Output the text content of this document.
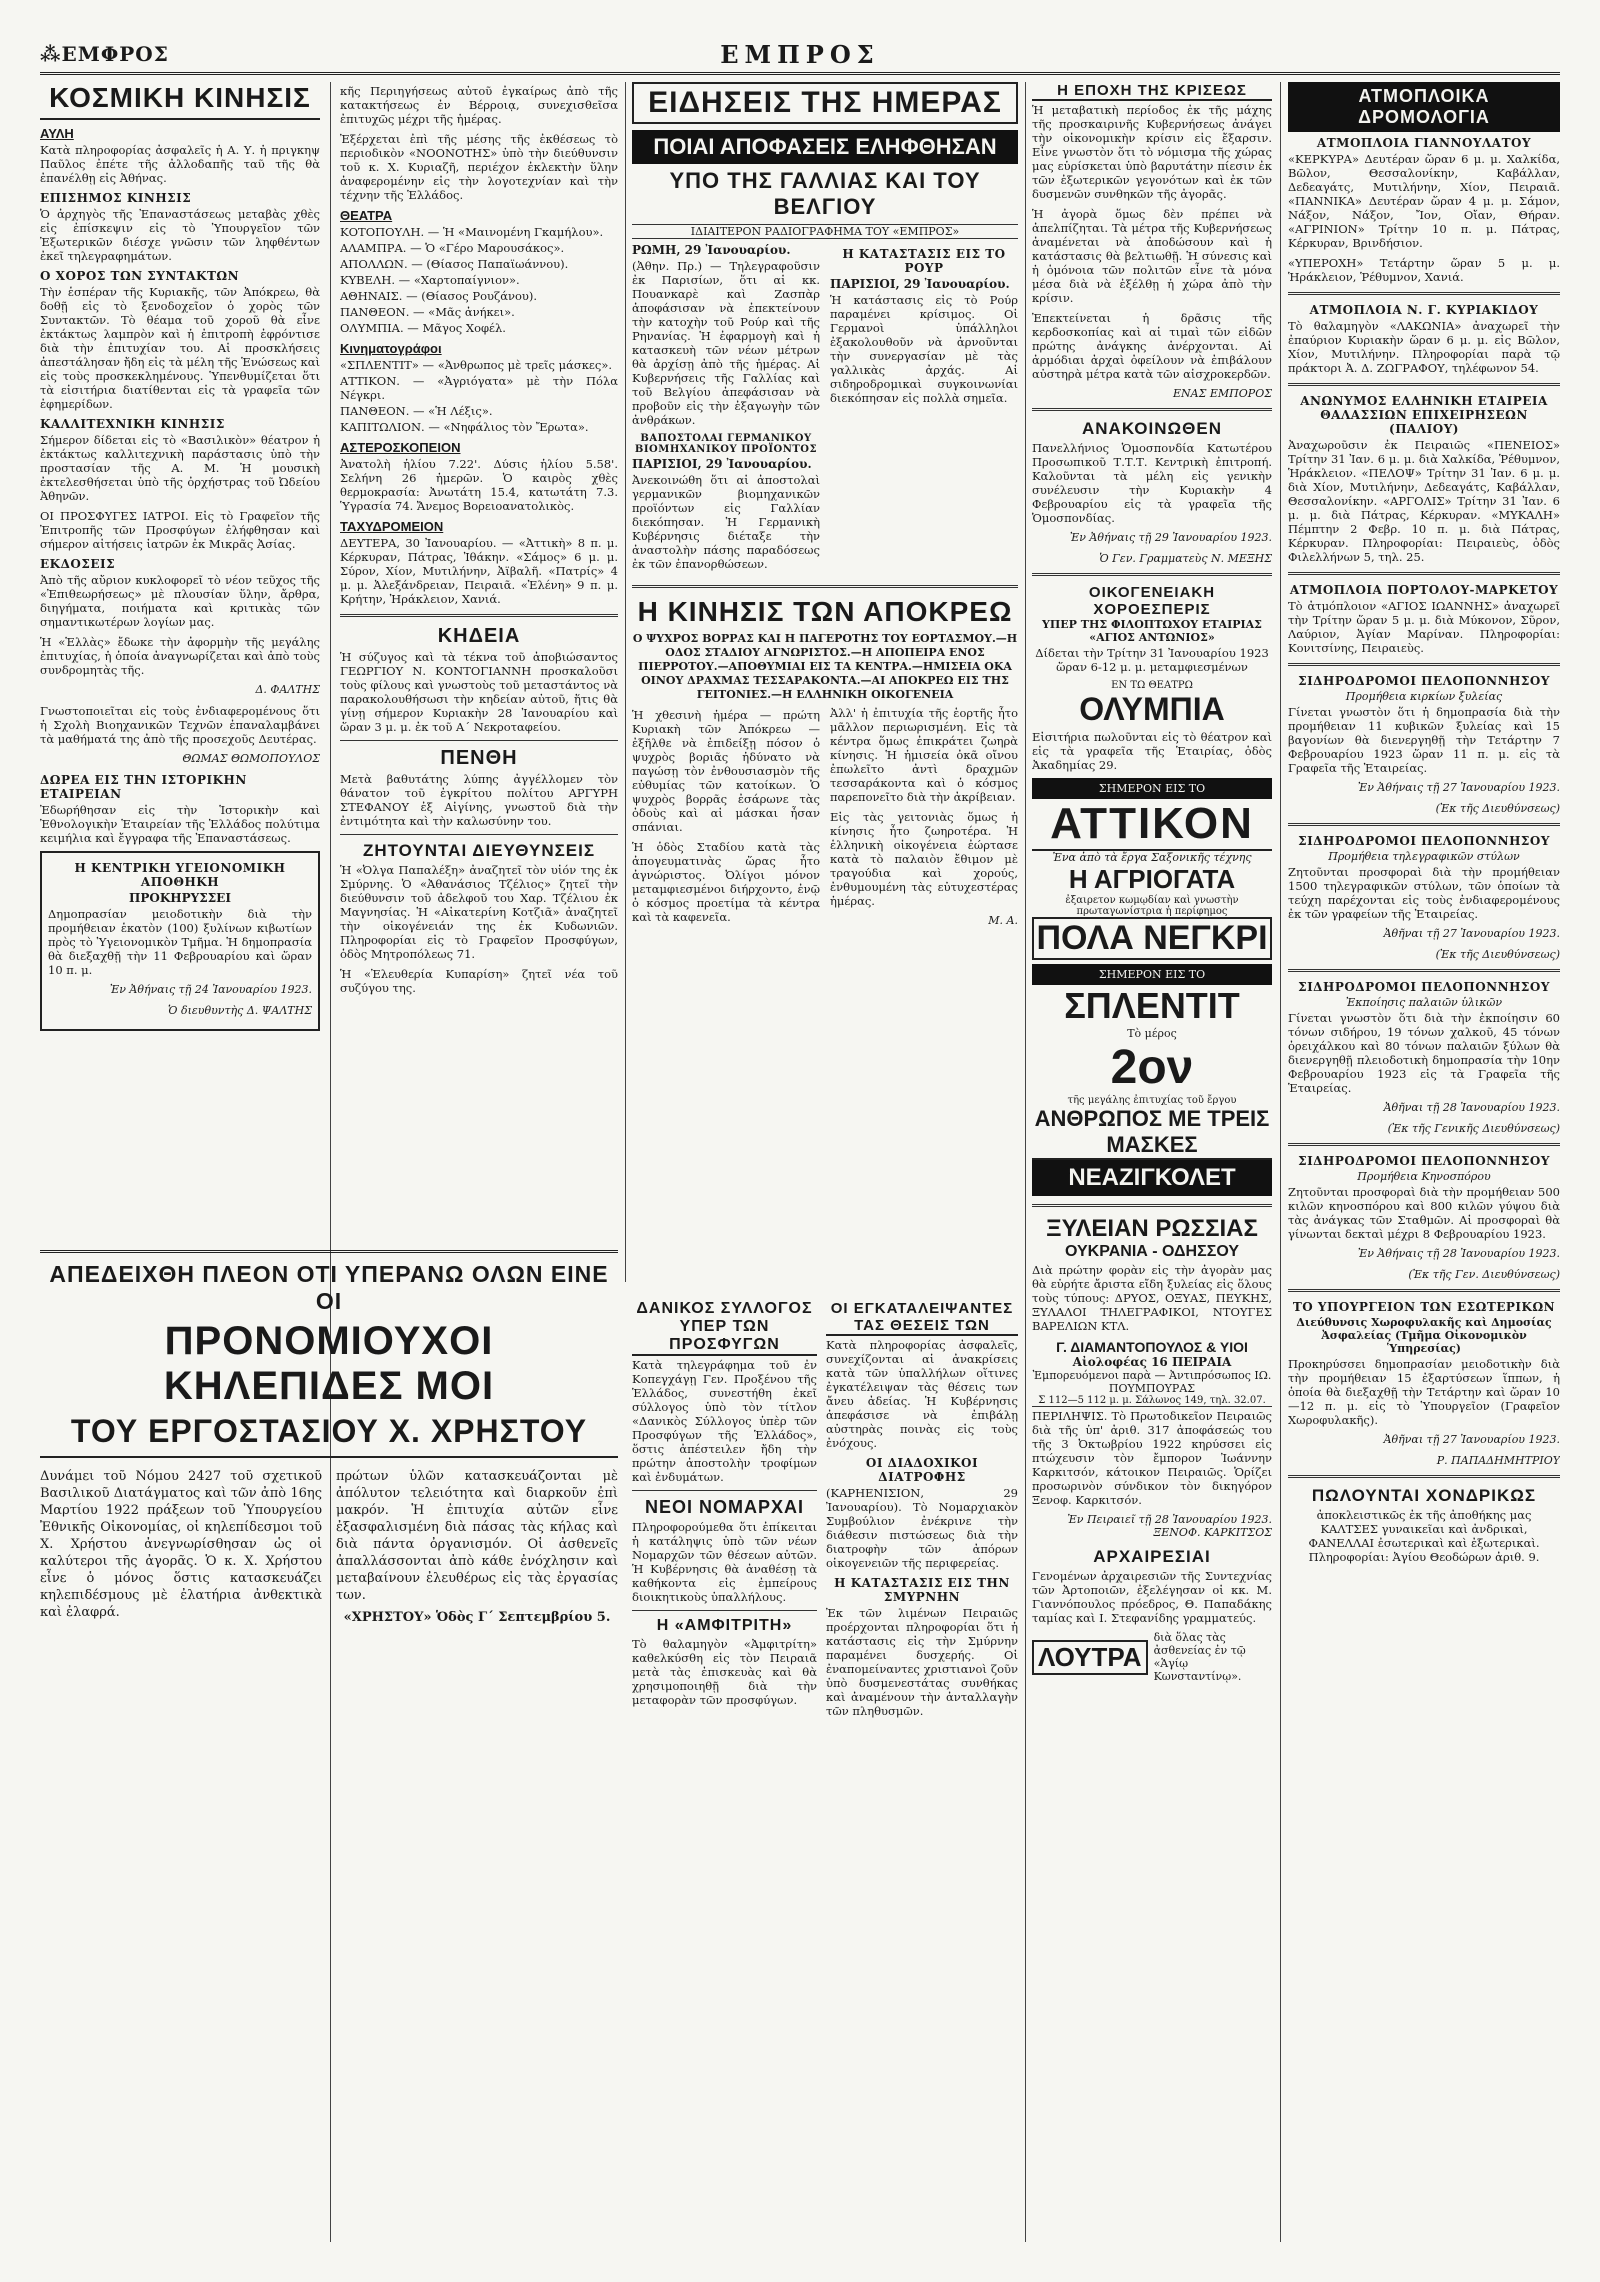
⁂ΕΜΦΡΟΣ	ΕΜΠΡΟΣ
ΚΟΣΜΙΚΗ ΚΙΝΗΣΙΣ
ΑΥΛΗ

Κατὰ πληροφορίας ἀσφαλεῖς ἡ Α. Υ. ἡ πριγκηψ Παῦλος ἐπέτε τῆς ἀλλοδαπῆς ταῦ τῆς θὰ ἐπανέλθῃ εἰς Ἀθήνας.

ΕΠΙΣΗΜΟΣ ΚΙΝΗΣΙΣ

Ὁ ἀρχηγὸς τῆς Ἐπαναστάσεως μεταβὰς χθὲς εἰς ἐπίσκεψιν εἰς τὸ Ὑπουργεῖον τῶν Ἐξωτερικῶν διέσχε γνῶσιν τῶν ληφθέντων ἐκεῖ τηλεγραφημάτων.

Ο ΧΟΡΟΣ ΤΩΝ ΣΥΝΤΑΚΤΩΝ

Τὴν ἑσπέραν τῆς Κυριακῆς, τῶν Ἀπόκρεω, θὰ δοθῇ εἰς τὸ ξενοδοχεῖον ὁ χορὸς τῶν Συντακτῶν. Τὸ θέαμα τοῦ χοροῦ θὰ εἶνε ἐκτάκτως λαμπρὸν καὶ ἡ ἐπιτροπὴ ἐφρόντισε διὰ τὴν ἐπιτυχίαν του. Αἱ προσκλήσεις ἀπεστάλησαν ἤδη εἰς τὰ μέλη τῆς Ἑνώσεως καὶ εἰς τοὺς προσκεκλημένους. Ὑπενθυμίζεται ὅτι τὰ εἰσιτήρια διατίθενται εἰς τὰ γραφεῖα τῶν ἐφημερίδων.

ΚΑΛΛΙΤΕΧΝΙΚΗ ΚΙΝΗΣΙΣ

Σήμερον δίδεται εἰς τὸ «Βασιλικὸν» θέατρον ἡ ἐκτάκτως καλλιτεχνικὴ παράστασις ὑπὸ τὴν προστασίαν τῆς Α. Μ. Ἡ μουσικὴ ἐκτελεσθήσεται ὑπὸ τῆς ὀρχήστρας τοῦ Ὠδείου Ἀθηνῶν.

ΟΙ ΠΡΟΣΦΥΓΕΣ ΙΑΤΡΟΙ. Εἰς τὸ Γραφεῖον τῆς Ἐπιτροπῆς τῶν Προσφύγων ἐλήφθησαν καὶ σήμερον αἰτήσεις ἰατρῶν ἐκ Μικρᾶς Ἀσίας.

ΕΚΔΟΣΕΙΣ

Ἀπὸ τῆς αὔριον κυκλοφορεῖ τὸ νέον τεῦχος τῆς «Ἐπιθεωρήσεως» μὲ πλουσίαν ὕλην, ἄρθρα, διηγήματα, ποιήματα καὶ κριτικὰς τῶν σημαντικωτέρων λογίων μας.

Ἡ «Ἑλλὰς» ἔδωκε τὴν ἀφορμὴν τῆς μεγάλης ἐπιτυχίας, ἡ ὁποία ἀναγνωρίζεται καὶ ἀπὸ τοὺς συνδρομητὰς τῆς.

Δ. ΦΑΛΤΗΣ

Γνωστοποιεῖται εἰς τοὺς ἐνδιαφερομένους ὅτι ἡ Σχολὴ Βιοηχανικῶν Τεχνῶν ἐπαναλαμβάνει τὰ μαθήματά της ἀπὸ τῆς προσεχοῦς Δευτέρας.

ΘΩΜΑΣ ΘΩΜΟΠΟΥΛΟΣ
ΔΩΡΕΑ ΕΙΣ ΤΗΝ ΙΣΤΟΡΙΚΗΝ ΕΤΑΙΡΕΙΑΝ

Ἐδωρήθησαν εἰς τὴν Ἱστορικὴν καὶ Ἐθνολογικὴν Ἑταιρείαν τῆς Ἑλλάδος πολύτιμα κειμήλια καὶ ἔγγραφα τῆς Ἐπαναστάσεως.

Η ΚΕΝΤΡΙΚΗ ΥΓΕΙΟΝΟΜΙΚΗ ΑΠΟΘΗΚΗ
ΠΡΟΚΗΡΥΣΣΕΙ

Δημοπρασίαν μειοδοτικὴν διὰ τὴν προμήθειαν ἑκατὸν (100) ξυλίνων κιβωτίων πρὸς τὸ Ὑγειονομικὸν Τμῆμα. Ἡ δημοπρασία θὰ διεξαχθῇ τὴν 11 Φεβρουαρίου καὶ ὥραν 10 π. μ.

Ἐν Ἀθήναις τῇ 24 Ἰανουαρίου 1923.
Ὁ διευθυντὴς Δ. ΨΑΛΤΗΣ

κῆς Περιηγήσεως αὐτοῦ ἐγκαίρως ἀπὸ τῆς κατακτήσεως ἐν Βέρροιᾳ, συνεχισθεῖσα ἐπιτυχῶς μέχρι τῆς ἡμέρας.

Ἐξέρχεται ἐπὶ τῆς μέσης τῆς ἐκθέσεως τὸ περιοδικὸν «ΝΟΟΝΟΤΗΣ» ὑπὸ τὴν διεύθυνσιν τοῦ κ. Χ. Κυριαζῆ, περιέχον ἐκλεκτὴν ὕλην ἀναφερομένην εἰς τὴν λογοτεχνίαν καὶ τὴν τέχνην τῆς Ἑλλάδος.

ΘΕΑΤΡΑ

ΚΟΤΟΠΟΥΛΗ. — Ἡ «Μαινομένη Γκαμήλου».

ΑΛΑΜΠΡΑ. — Ὁ «Γέρο Μαρουσάκος».

ΑΠΟΛΛΩΝ. — (Θίασος Παπαϊωάννου).

ΚΥΒΕΛΗ. — «Χαρτοπαίγνιον».

ΑΘΗΝΑΙΣ. — (Θίασος Ρουζάνου).

ΠΑΝΘΕΟΝ. — «Μᾶς ἀνήκει».

ΟΛΥΜΠΙΑ. — Μᾶγος Χοφέλ.

Κινηματογράφοι

«ΣΠΛΕΝΤΙΤ» — «Ἀνθρωπος μὲ τρεῖς μάσκες».

ΑΤΤΙΚΟΝ. — «Ἀγριόγατα» μὲ τὴν Πόλα Νέγκρι.

ΠΑΝΘΕΟΝ. — «Ἡ Λέξις».

ΚΑΠΙΤΩΛΙΟΝ. — «Νηφάλιος τὸν Ἔρωτα».

ΑΣΤΕΡΟΣΚΟΠΕΙΟΝ

Ἀνατολὴ ἡλίου 7.22'. Δύσις ἡλίου 5.58'. Σελήνη 26 ἡμερῶν. Ὁ καιρὸς χθὲς θερμοκρασία: Ἀνωτάτη 15.4, κατωτάτη 7.3. Ὑγρασία 74. Ἄνεμος Βορειοανατολικὸς.

ΤΑΧΥΔΡΟΜΕΙΟΝ

ΔΕΥΤΕΡΑ, 30 Ἰανουαρίου. — «Ἀττικὴ» 8 π. μ. Κέρκυραν, Πάτρας, Ἰθάκην. «Σάμος» 6 μ. μ. Σύρον, Χίον, Μυτιλήνην, Ἀϊβαλῆ. «Πατρίς» 4 μ. μ. Ἀλεξάνδρειαν, Πειραιᾶ. «Ἑλένη» 9 π. μ. Κρήτην, Ἡράκλειον, Χανιά.

ΚΗΔΕΙΑ

Ἡ σύζυγος καὶ τὰ τέκνα τοῦ ἀποβιώσαντος ΓΕΩΡΓΙΟΥ Ν. ΚΟΝΤΟΓΙΑΝΝΗ προσκαλοῦσι τοὺς φίλους καὶ γνωστοὺς τοῦ μεταστάντος νὰ παρακολουθήσωσι τὴν κηδείαν αὐτοῦ, ἥτις θὰ γίνῃ σήμερον Κυριακὴν 28 Ἰανουαρίου καὶ ὥραν 3 μ. μ. ἐκ τοῦ Α΄ Νεκροταφείου.

ΠΕΝΘΗ

Μετὰ βαθυτάτης λύπης ἀγγέλλομεν τὸν θάνατον τοῦ ἐγκρίτου πολίτου ΑΡΓΥΡΗ ΣΤΕΦΑΝΟΥ ἐξ Αἰγίνης, γνωστοῦ διὰ τὴν ἐντιμότητα καὶ τὴν καλωσύνην του.

ΖΗΤΟΥΝΤΑΙ ΔΙΕΥΘΥΝΣΕΙΣ

Ἡ «Ὀλγα Παπαλέξη» ἀναζητεῖ τὸν υἱόν της ἐκ Σμύρνης. Ὁ «Ἀθανάσιος Τζέλιος» ζητεῖ τὴν διεύθυνσιν τοῦ ἀδελφοῦ του Χαρ. Τζέλιου ἐκ Μαγνησίας. Ἡ «Αἰκατερίνη Κοτζιᾶ» ἀναζητεῖ τὴν οἰκογένειάν της ἐκ Κυδωνιῶν. Πληροφορίαι εἰς τὸ Γραφεῖον Προσφύγων, ὁδὸς Μητροπόλεως 71.

Ἡ «Ἐλευθερία Κυπαρίση» ζητεῖ νέα τοῦ συζύγου της.

ΕΙΔΗΣΕΙΣ ΤΗΣ ΗΜΕΡΑΣ
ΠΟΙΑΙ ΑΠΟΦΑΣΕΙΣ ΕΛΗΦΘΗΣΑΝ
ΥΠΟ ΤΗΣ ΓΑΛΛΙΑΣ ΚΑΙ ΤΟΥ ΒΕΛΓΙΟΥ
ΙΔΙΑΙΤΕΡΟΝ ΡΑΔΙΟΓΡΑΦΗΜΑ ΤΟΥ «ΕΜΠΡΟΣ»
ΡΩΜΗ, 29 Ἰανουαρίου.

(Ἀθην. Πρ.) — Τηλεγραφοῦσιν ἐκ Παρισίων, ὅτι αἱ κκ. Πουανκαρὲ καὶ Ζασπὰρ ἀποφάσισαν νὰ ἐπεκτείνουν τὴν κατοχὴν τοῦ Ρούρ καὶ τῆς Ρηνανίας. Ἡ ἐφαρμογὴ καὶ ἡ κατασκευὴ τῶν νέων μέτρων θὰ ἀρχίσῃ ἀπὸ τῆς ἡμέρας. Αἱ Κυβερνήσεις τῆς Γαλλίας καὶ τοῦ Βελγίου ἀπεφάσισαν νὰ προβοῦν εἰς τὴν ἐξαγωγὴν τῶν ἀνθράκων.

ΒΑΠΟΣΤΟΛΑΙ ΓΕΡΜΑΝΙΚΟΥ ΒΙΟΜΗΧΑΝΙΚΟΥ ΠΡΟΪΟΝΤΟΣ
ΠΑΡΙΣΙΟΙ, 29 Ἰανουαρίου.

Ἀνεκοινώθη ὅτι αἱ ἀποστολαὶ γερμανικῶν βιομηχανικῶν προϊόντων εἰς Γαλλίαν διεκόπησαν. Ἡ Γερμανικὴ Κυβέρνησις διέταξε τὴν ἀναστολὴν πάσης παραδόσεως ἐκ τῶν ἐπανορθώσεων.

Η ΚΑΤΑΣΤΑΣΙΣ ΕΙΣ ΤΟ ΡΟΥΡ
ΠΑΡΙΣΙΟΙ, 29 Ἰανουαρίου.

Ἡ κατάστασις εἰς τὸ Ρούρ παραμένει κρίσιμος. Οἱ Γερμανοὶ ὑπάλληλοι ἐξακολουθοῦν νὰ ἀρνοῦνται τὴν συνεργασίαν μὲ τὰς γαλλικὰς ἀρχάς. Αἱ σιδηροδρομικαὶ συγκοινωνίαι διεκόπησαν εἰς πολλὰ σημεῖα.

Η ΚΙΝΗΣΙΣ ΤΩΝ ΑΠΟΚΡΕΩ
Ο ΨΥΧΡΟΣ ΒΟΡΡΑΣ ΚΑΙ Η ΠΑΓΕΡΟΤΗΣ ΤΟΥ ΕΟΡΤΑΣΜΟΥ.—Η ΟΔΟΣ ΣΤΑΔΙΟΥ ΑΓΝΩΡΙΣΤΟΣ.—Η ΑΠΟΠΕΙΡΑ ΕΝΟΣ ΠΙΕΡΡΟΤΟΥ.—ΑΠΟΘΥΜΙΑΙ ΕΙΣ ΤΑ ΚΕΝΤΡΑ.—ΗΜΙΣΕΙΑ ΟΚΑ ΟΙΝΟΥ ΔΡΑΧΜΑΣ ΤΕΣΣΑΡΑΚΟΝΤΑ.—ΑΙ ΑΠΟΚΡΕΩ ΕΙΣ ΤΗΣ ΓΕΙΤΟΝΙΕΣ.—Η ΕΛΛΗΝΙΚΗ ΟΙΚΟΓΕΝΕΙΑ

Ἡ χθεσινὴ ἡμέρα — πρώτη Κυριακὴ τῶν Ἀπόκρεω — ἐξῆλθε νὰ ἐπιδείξῃ πόσον ὁ ψυχρὸς βοριᾶς ἠδύνατο νὰ παγώσῃ τὸν ἐνθουσιασμὸν τῆς εὐθυμίας τῶν κατοίκων. Ὁ ψυχρὸς βορρᾶς ἐσάρωνε τὰς ὁδοὺς καὶ αἱ μάσκαι ἦσαν σπάνιαι.

Ἡ ὁδὸς Σταδίου κατὰ τὰς ἀπογευματινὰς ὥρας ἦτο ἀγνώριστος. Ὀλίγοι μόνον μεταμφιεσμένοι διήρχοντο, ἐνῷ ὁ κόσμος προετίμα τὰ κέντρα καὶ τὰ καφενεῖα.

Ἀλλ' ἡ ἐπιτυχία τῆς ἑορτῆς ἦτο μᾶλλον περιωρισμένη. Εἰς τὰ κέντρα ὅμως ἐπικράτει ζωηρὰ κίνησις. Ἡ ἡμισεία ὀκᾶ οἴνου ἐπωλεῖτο ἀντὶ δραχμῶν τεσσαράκοντα καὶ ὁ κόσμος παρεπονεῖτο διὰ τὴν ἀκρίβειαν.

Εἰς τὰς γειτονιὰς ὅμως ἡ κίνησις ἦτο ζωηροτέρα. Ἡ ἑλληνικὴ οἰκογένεια ἐώρτασε κατὰ τὸ παλαιὸν ἔθιμον μὲ τραγούδια καὶ χορούς, ἐνθυμουμένη τὰς εὐτυχεστέρας ἡμέρας.

Μ. Α.
ΔΑΝΙΚΟΣ ΣΥΛΛΟΓΟΣ ΥΠΕΡ ΤΩΝ ΠΡΟΣΦΥΓΩΝ

Κατὰ τηλεγράφημα τοῦ ἐν Κοπεγχάγῃ Γεν. Προξένου τῆς Ἑλλάδος, συνεστήθη ἐκεῖ σύλλογος ὑπὸ τὸν τίτλον «Δανικὸς Σύλλογος ὑπὲρ τῶν Προσφύγων τῆς Ἑλλάδος», ὅστις ἀπέστειλεν ἤδη τὴν πρώτην ἀποστολὴν τροφίμων καὶ ἐνδυμάτων.

ΝΕΟΙ ΝΟΜΑΡΧΑΙ

Πληροφορούμεθα ὅτι ἐπίκειται ἡ κατάληψις ὑπὸ τῶν νέων Νομαρχῶν τῶν θέσεων αὐτῶν. Ἡ Κυβέρνησις θὰ ἀναθέσῃ τὰ καθήκοντα εἰς ἐμπείρους διοικητικοὺς ὑπαλλήλους.

Η «ΑΜΦΙΤΡΙΤΗ»

Τὸ θαλαμηγὸν «Ἀμφιτρίτη» καθελκύσθη εἰς τὸν Πειραιᾶ μετὰ τὰς ἐπισκευὰς καὶ θὰ χρησιμοποιηθῇ διὰ τὴν μεταφορὰν τῶν προσφύγων.

ΟΙ ΕΓΚΑΤΑΛΕΙΨΑΝΤΕΣ ΤΑΣ ΘΕΣΕΙΣ ΤΩΝ

Κατὰ πληροφορίας ἀσφαλεῖς, συνεχίζονται αἱ ἀνακρίσεις κατὰ τῶν ὑπαλλήλων οἵτινες ἐγκατέλειψαν τὰς θέσεις των ἄνευ ἀδείας. Ἡ Κυβέρνησις ἀπεφάσισε νὰ ἐπιβάλῃ αὐστηρὰς ποινὰς εἰς τοὺς ἐνόχους.

ΟΙ ΔΙΑΔΟΧΙΚΟΙ ΔΙΑΤΡΟΦΗΣ

(ΚΑΡΗΕΝΙΣΙΟΝ, 29 Ἰανουαρίου). Τὸ Νομαρχιακὸν Συμβούλιον ἐνέκρινε τὴν διάθεσιν πιστώσεως διὰ τὴν διατροφὴν τῶν ἀπόρων οἰκογενειῶν τῆς περιφερείας.

Η ΚΑΤΑΣΤΑΣΙΣ ΕΙΣ ΤΗΝ ΣΜΥΡΝΗΝ

Ἐκ τῶν λιμένων Πειραιῶς προέρχονται πληροφορίαι ὅτι ἡ κατάστασις εἰς τὴν Σμύρνην παραμένει δυσχερής. Οἱ ἐναπομείναντες χριστιανοὶ ζοῦν ὑπὸ δυσμενεστάτας συνθήκας καὶ ἀναμένουν τὴν ἀνταλλαγὴν τῶν πληθυσμῶν.

Η ΕΠΟΧΗ ΤΗΣ ΚΡΙΣΕΩΣ

Ἡ μεταβατικὴ περίοδος ἐκ τῆς μάχης τῆς προσκαιρινῆς Κυβερνήσεως ἀνάγει τὴν οἰκονομικὴν κρίσιν εἰς ἔξαρσιν. Εἶνε γνωστὸν ὅτι τὸ νόμισμα τῆς χώρας μας εὑρίσκεται ὑπὸ βαρυτάτην πίεσιν ἐκ τῶν ἐξωτερικῶν γεγονότων καὶ ἐκ τῶν δυσμενῶν συνθηκῶν τῆς ἀγορᾶς.

Ἡ ἀγορὰ ὅμως δὲν πρέπει νὰ ἀπελπίζηται. Τὰ μέτρα τῆς Κυβερνήσεως ἀναμένεται νὰ ἀποδώσουν καὶ ἡ κατάστασις θὰ βελτιωθῇ. Ἡ σύνεσις καὶ ἡ ὁμόνοια τῶν πολιτῶν εἶνε τὰ μόνα μέσα διὰ νὰ ἐξέλθῃ ἡ χώρα ἀπὸ τὴν κρίσιν.

Ἐπεκτείνεται ἡ δρᾶσις τῆς κερδοσκοπίας καὶ αἱ τιμαὶ τῶν εἰδῶν πρώτης ἀνάγκης ἀνέρχονται. Αἱ ἀρμόδιαι ἀρχαὶ ὀφείλουν νὰ ἐπιβάλουν αὐστηρὰ μέτρα κατὰ τῶν αἰσχροκερδῶν.

ΕΝΑΣ ΕΜΠΟΡΟΣ
ΑΝΑΚΟΙΝΩΘΕΝ

Πανελλήνιος Ὁμοσπονδία Κατωτέρου Προσωπικοῦ Τ.Τ.Τ. Κεντρικὴ ἐπιτροπή. Καλοῦνται τὰ μέλη εἰς γενικὴν συνέλευσιν τὴν Κυριακὴν 4 Φεβρουαρίου εἰς τὰ γραφεῖα τῆς Ὁμοσπονδίας.

Ἐν Ἀθήναις τῇ 29 Ἰανουαρίου 1923.
Ὁ Γεν. Γραμματεὺς Ν. ΜΕΞΗΣ
ΟΙΚΟΓΕΝΕΙΑΚΗ ΧΟΡΟΕΣΠΕΡΙΣ
ΥΠΕΡ ΤΗΣ ΦΙΛΟΠΤΩΧΟΥ ΕΤΑΙΡΙΑΣ «ΑΓΙΟΣ ΑΝΤΩΝΙΟΣ»

Δίδεται τὴν Τρίτην 31 Ἰανουαρίου 1923 ὥραν 6-12 μ. μ. μεταμφιεσμένων

ΕΝ ΤΩ ΘΕΑΤΡΩ
ΟΛΥΜΠΙΑ

Εἰσιτήρια πωλοῦνται εἰς τὸ θέατρον καὶ εἰς τὰ γραφεῖα τῆς Ἑταιρίας, ὁδὸς Ἀκαδημίας 29.

ΣΗΜΕΡΟΝ ΕΙΣ ΤΟ
ΑΤΤΙΚΟΝ
Ἐνα ἀπὸ τὰ ἔργα Σαξονικῆς τέχνης
Η ΑΓΡΙΟΓΑΤΑ
ἐξαιρετον κωμῳδίαν καὶ γνωστὴν πρωταγωνίστρια ἡ περίφημος
ΠΟΛΑ ΝΕΓΚΡΙ
ΣΗΜΕΡΟΝ ΕΙΣ ΤΟ
ΣΠΛΕΝΤΙΤ
Τὸ μέρος
2ον
τῆς μεγάλης ἐπιτυχίας τοῦ ἔργου
ΑΝΘΡΩΠΟΣ ΜΕ ΤΡΕΙΣ ΜΑΣΚΕΣ
ΝΕΑΖΙΓΚΟΛΕΤ
ΞΥΛΕΙΑΝ ΡΩΣΣΙΑΣ
ΟΥΚΡΑΝΙΑ - ΟΔΗΣΣΟΥ

Διὰ πρώτην φορὰν εἰς τὴν ἀγορὰν μας θὰ εὑρήτε ἄριστα εἴδη ξυλείας εἰς ὅλους τοὺς τύπους: ΔΡΥΟΣ, ΟΞΥΑΣ, ΠΕΥΚΗΣ, ΞΥΛΑΛΟΙ ΤΗΛΕΓΡΑΦΙΚΟΙ, ΝΤΟΥΓΕΣ ΒΑΡΕΛΙΩΝ ΚΤΛ.

Γ. ΔΙΑΜΑΝΤΟΠΟΥΛΟΣ & ΥΙΟΙ
Αἰολοφέας 16 ΠΕΙΡΑΙΑ
Ἐμπορευόμενοι παρὰ — Ἀντιπρόσωπος ΙΩ. ΠΟΥΜΠΟΥΡΑΣ
Σ 112—5 112 μ. μ. Σάλωνος 149, τηλ. 32.07.

ΠΕΡΙΛΗΨΙΣ. Τὸ Πρωτοδικεῖον Πειραιῶς διὰ τῆς ὑπ' ἀριθ. 317 ἀποφάσεώς του τῆς 3 Ὀκτωβρίου 1922 κηρύσσει εἰς πτώχευσιν τὸν ἔμπορον Ἰωάννην Καρκιτσόν, κάτοικον Πειραιῶς. Ὁρίζει προσωρινὸν σύνδικον τὸν δικηγόρον Ξενοφ. Καρκιτσόν.

Ἐν Πειραιεῖ τῇ 28 Ἰανουαρίου 1923. ΞΕΝΟΦ. ΚΑΡΚΙΤΣΟΣ
ΑΡΧΑΙΡΕΣΙΑΙ

Γενομένων ἀρχαιρεσιῶν τῆς Συντεχνίας τῶν Ἀρτοποιῶν, ἐξελέγησαν οἱ κκ. Μ. Γιαννόπουλος πρόεδρος, Θ. Παπαδάκης ταμίας καὶ Ι. Στεφανίδης γραμματεύς.

ΛΟΥΤΡΑ
διὰ ὅλας τὰς ἀσθενείας ἐν τῷ «Ἁγίῳ Κωνσταντίνῳ».
ΑΤΜΟΠΛΟΙΚΑ ΔΡΟΜΟΛΟΓΙΑ
ΑΤΜΟΠΛΟΙΑ ΓΙΑΝΝΟΥΛΑΤΟΥ

«ΚΕΡΚΥΡΑ» Δευτέραν ὥραν 6 μ. μ. Χαλκίδα, Βῶλον, Θεσσαλονίκην, Καβάλλαν, Δεδεαγάτς, Μυτιλήνην, Χίον, Πειραιᾶ. «ΠΑΝΝΙΚΑ» Δευτέραν ὥραν 4 μ. μ. Σάμον, Νάξον, Νάξον, Ἴον, Οἴαν, Θήραν. «ΑΓΡΙΝΙΟΝ» Τρίτην 10 π. μ. Πάτρας, Κέρκυραν, Βρινδήσιον.

«ΥΠΕΡΟΧΗ» Τετάρτην ὥραν 5 μ. μ. Ἡράκλειον, Ῥέθυμνον, Χανιά.

ΑΤΜΟΠΛΟΙΑ Ν. Γ. ΚΥΡΙΑΚΙΔΟΥ

Τὸ θαλαμηγὸν «ΛΑΚΩΝΙΑ» ἀναχωρεῖ τὴν ἐπαύριον Κυριακὴν ὥραν 6 μ. μ. εἰς Βῶλον, Χίον, Μυτιλήνην. Πληροφορίαι παρὰ τῷ πράκτορι Ἀ. Δ. ΖΩΓΡΑΦΟΥ, τηλέφωνον 54.

ΑΝΩΝΥΜΟΣ ΕΛΛΗΝΙΚΗ ΕΤΑΙΡΕΙΑ ΘΑΛΑΣΣΙΩΝ ΕΠΙΧΕΙΡΗΣΕΩΝ (ΠΑΛΙΟΥ)

Ἀναχωροῦσιν ἐκ Πειραιῶς «ΠΕΝΕΙΟΣ» Τρίτην 31 Ἰαν. 6 μ. μ. διὰ Χαλκίδα, Ῥέθυμνον, Ἡράκλειον. «ΠΕΛΟΨ» Τρίτην 31 Ἰαν. 6 μ. μ. διὰ Χίον, Μυτιλήνην, Δεδεαγάτς, Καβάλλαν, Θεσσαλονίκην. «ΑΡΓΟΛΙΣ» Τρίτην 31 Ἰαν. 6 μ. μ. διὰ Πάτρας, Κέρκυραν. «ΜΥΚΑΛΗ» Πέμπτην 2 Φεβρ. 10 π. μ. διὰ Πάτρας, Κέρκυραν. Πληροφορίαι: Πειραιεὺς, ὁδὸς Φιλελλήνων 5, τηλ. 25.

ΑΤΜΟΠΛΟΙΑ ΠΟΡΤΟΛΟΥ-ΜΑΡΚΕΤΟΥ

Τὸ ἀτμόπλοιον «ΑΓΙΟΣ ΙΩΑΝΝΗΣ» ἀναχωρεῖ τὴν Τρίτην ὥραν 5 μ. μ. διὰ Μύκονον, Σῦρον, Λαύριον, Ἀγίαν Μαρίναν. Πληροφορίαι: Κονιτσίνης, Πειραιεὺς.

ΣΙΔΗΡΟΔΡΟΜΟΙ ΠΕΛΟΠΟΝΝΗΣΟΥ
Προμήθεια κιρκίων ξυλείας

Γίνεται γνωστὸν ὅτι ἡ δημοπρασία διὰ τὴν προμήθειαν 11 κυβικῶν ξυλείας καὶ 15 βαγονίων θὰ διενεργηθῇ τὴν Τετάρτην 7 Φεβρουαρίου 1923 ὥραν 11 π. μ. εἰς τὰ Γραφεῖα τῆς Ἑταιρείας.

Ἐν Ἀθήναις τῇ 27 Ἰανουαρίου 1923.
(Ἐκ τῆς Διευθύνσεως)
ΣΙΔΗΡΟΔΡΟΜΟΙ ΠΕΛΟΠΟΝΝΗΣΟΥ
Προμήθεια τηλεγραφικῶν στύλων

Ζητοῦνται προσφοραὶ διὰ τὴν προμήθειαν 1500 τηλεγραφικῶν στύλων, τῶν ὁποίων τὰ τεύχη παρέχονται εἰς τοὺς ἐνδιαφερομένους ἐκ τῶν γραφείων τῆς Ἑταιρείας.

Ἀθῆναι τῇ 27 Ἰανουαρίου 1923.
(Ἐκ τῆς Διευθύνσεως)
ΣΙΔΗΡΟΔΡΟΜΟΙ ΠΕΛΟΠΟΝΝΗΣΟΥ
Ἐκποίησις παλαιῶν ὑλικῶν

Γίνεται γνωστὸν ὅτι διὰ τὴν ἐκποίησιν 60 τόνων σιδήρου, 19 τόνων χαλκοῦ, 45 τόνων ὀρειχάλκου καὶ 80 τόνων παλαιῶν ξύλων θὰ διενεργηθῇ πλειοδοτικὴ δημοπρασία τὴν 10ην Φεβρουαρίου 1923 εἰς τὰ Γραφεῖα τῆς Ἑταιρείας.

Ἀθῆναι τῇ 28 Ἰανουαρίου 1923.
(Ἐκ τῆς Γενικῆς Διευθύνσεως)
ΣΙΔΗΡΟΔΡΟΜΟΙ ΠΕΛΟΠΟΝΝΗΣΟΥ
Προμήθεια Κηνοσπόρου

Ζητοῦνται προσφοραὶ διὰ τὴν προμήθειαν 500 κιλῶν κηνοσπόρου καὶ 800 κιλῶν γύψου διὰ τὰς ἀνάγκας τῶν Σταθμῶν. Αἱ προσφοραὶ θὰ γίνωνται δεκταὶ μέχρι 8 Φεβρουαρίου 1923.

Ἐν Ἀθήναις τῇ 28 Ἰανουαρίου 1923.
(Ἐκ τῆς Γεν. Διευθύνσεως)
ΤΟ ΥΠΟΥΡΓΕΙΟΝ ΤΩΝ ΕΣΩΤΕΡΙΚΩΝ
Διεύθυνσις Χωροφυλακῆς καὶ Δημοσίας Ἀσφαλείας (Τμῆμα Οἰκονομικὸν Ὑπηρεσίας)

Προκηρύσσει δημοπρασίαν μειοδοτικὴν διὰ τὴν προμήθειαν 15 ἐξαρτύσεων ἵππων, ἡ ὁποία θὰ διεξαχθῇ τὴν Τετάρτην καὶ ὥραν 10—12 π. μ. εἰς τὸ Ὑπουργεῖον (Γραφεῖον Χωροφυλακῆς).

Ἀθῆναι τῇ 27 Ἰανουαρίου 1923.
Ρ. ΠΑΠΑΔΗΜΗΤΡΙΟΥ
ΠΩΛΟΥΝΤΑΙ ΧΟΝΔΡΙΚΩΣ

ἀποκλειστικῶς ἐκ τῆς ἀποθήκης μας ΚΑΛΤΣΕΣ γυναικεῖαι καὶ ἀνδρικαὶ, ΦΑΝΕΛΛΑΙ ἐσωτερικαὶ καὶ ἐξωτερικαὶ. Πληροφορίαι: Ἀγίου Θεοδώρων ἀριθ. 9.

ΑΠΕΔΕΙΧΘΗ ΠΛΕΟΝ ΟΤΙ ΥΠΕΡΑΝΩ ΟΛΩΝ ΕΙΝΕ ΟΙ
ΠΡΟΝΟΜΙΟΥΧΟΙ ΚΗΛΕΠΙΔΕΣ ΜΟΙ
ΤΟΥ ΕΡΓΟΣΤΑΣΙΟΥ Χ. ΧΡΗΣΤΟΥ

Δυνάμει τοῦ Νόμου 2427 τοῦ σχετικοῦ Βασιλικοῦ Διατάγματος καὶ τῶν ἀπὸ 16ης Μαρτίου 1922 πράξεων τοῦ Ὑπουργείου Ἐθνικῆς Οἰκονομίας, οἱ κηλεπίδεσμοι τοῦ Χ. Χρήστου ἀνεγνωρίσθησαν ὡς οἱ καλύτεροι τῆς ἀγορᾶς. Ὁ κ. Χ. Χρήστου εἶνε ὁ μόνος ὅστις κατασκευάζει κηλεπιδέσμους μὲ ἐλατήρια ἀνθεκτικὰ καὶ ἐλαφρά.

πρώτων ὑλῶν κατασκευάζονται μὲ ἀπόλυτον τελειότητα καὶ διαρκοῦν ἐπὶ μακρόν. Ἡ ἐπιτυχία αὐτῶν εἶνε ἐξασφαλισμένη διὰ πάσας τὰς κήλας καὶ διὰ πάντα ὀργανισμόν. Οἱ ἀσθενεῖς ἀπαλλάσσονται ἀπὸ κάθε ἐνόχλησιν καὶ μεταβαίνουν ἐλευθέρως εἰς τὰς ἐργασίας των.

«ΧΡΗΣΤΟΥ» Ὁδὸς Γ΄ Σεπτεμβρίου 5.
